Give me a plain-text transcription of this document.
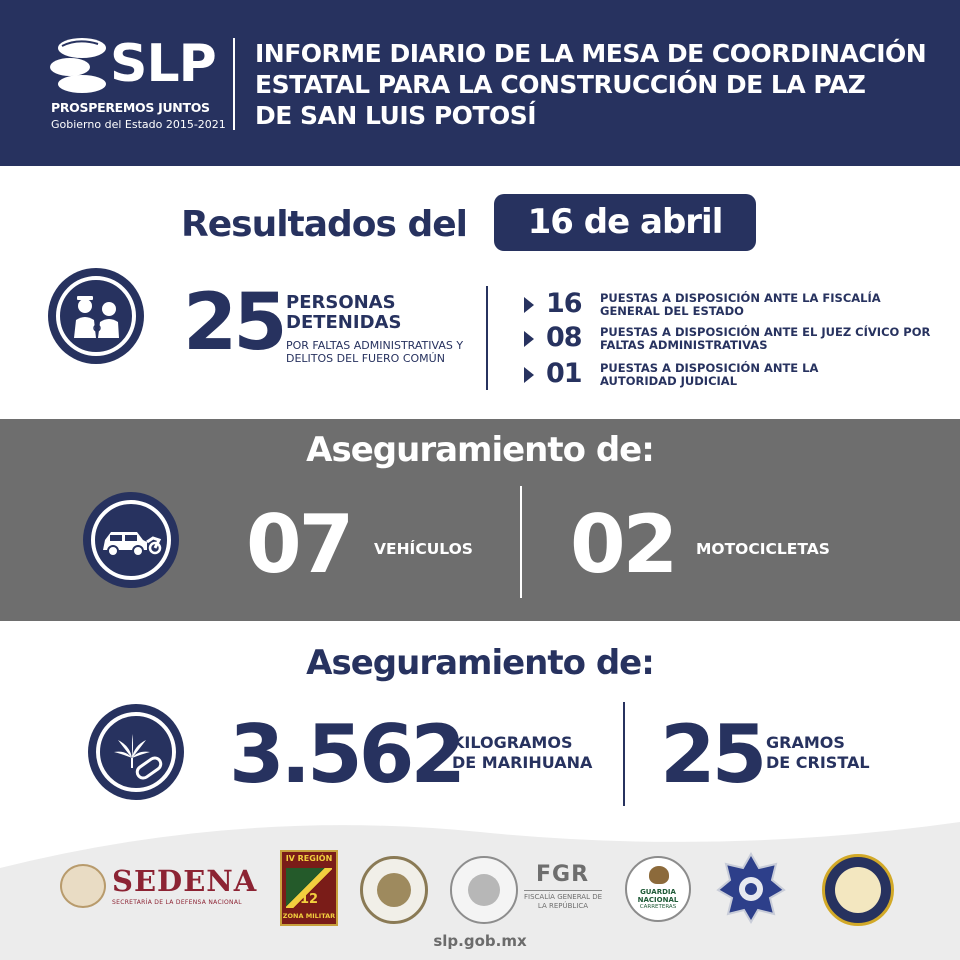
SLP
PROSPEREMOS JUNTOS
Gobierno del Estado 2015-2021
INFORME DIARIO DE LA MESA DE COORDINACIÓN
ESTATAL PARA LA CONSTRUCCIÓN DE LA PAZ
DE SAN LUIS POTOSÍ
Resultados del	16 de abril
25 PERSONAS
DETENIDAS
POR FALTAS ADMINISTRATIVAS Y DELITOS DEL FUERO COMÚN
16 PUESTAS A DISPOSICIÓN ANTE LA FISCALÍA GENERAL DEL ESTADO
08 PUESTAS A DISPOSICIÓN ANTE EL JUEZ CÍVICO POR FALTAS ADMINISTRATIVAS
01 PUESTAS A DISPOSICIÓN ANTE LA AUTORIDAD JUDICIAL
Aseguramiento de:
07 VEHÍCULOS 02 MOTOCICLETAS
Aseguramiento de:
3.562
KILOGRAMOS
DE MARIHUANA 25 GRAMOS
DE CRISTAL
SEDENA
SECRETARÍA DE LA DEFENSA NACIONAL
IV REGIÓN
12
ZONA MILITAR
FGR
FISCALÍA GENERAL DE LA REPÚBLICA
GUARDIA NACIONAL
CARRETERAS
slp.gob.mx
